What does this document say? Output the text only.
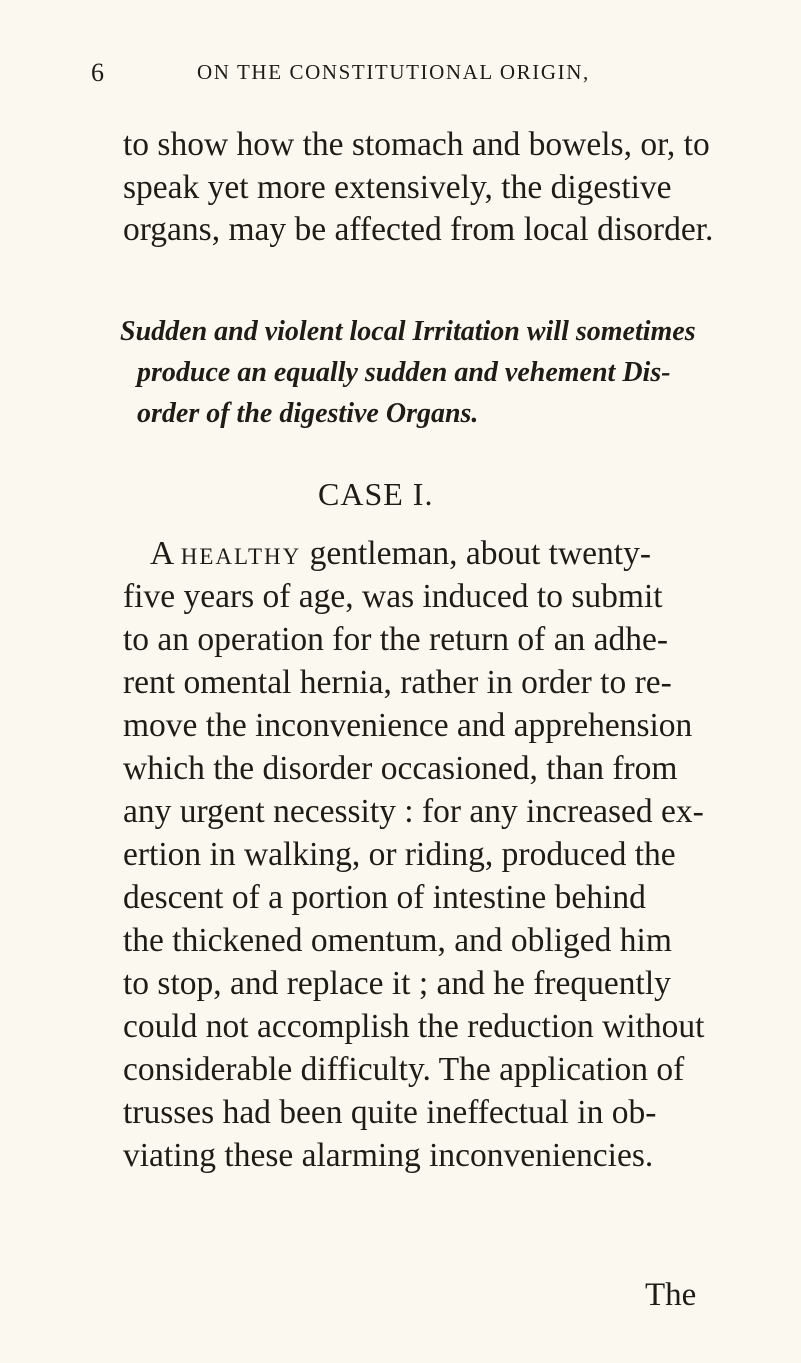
6	ON THE CONSTITUTIONAL ORIGIN,
to show how the stomach and bowels, or, to
speak yet more extensively, the digestive
organs, may be affected from local disorder.
Sudden and violent local Irritation will sometimes
produce an equally sudden and vehement Dis-
order of the digestive Organs.
CASE I.
A healthy gentleman, about twenty-
five years of age, was induced to submit
to an operation for the return of an adhe-
rent omental hernia, rather in order to re-
move the inconvenience and apprehension
which the disorder occasioned, than from
any urgent necessity : for any increased ex-
ertion in walking, or riding, produced the
descent of a portion of intestine behind
the thickened omentum, and obliged him
to stop, and replace it ; and he frequently
could not accomplish the reduction without
considerable difficulty. The application of
trusses had been quite ineffectual in ob-
viating these alarming inconveniencies.
The
